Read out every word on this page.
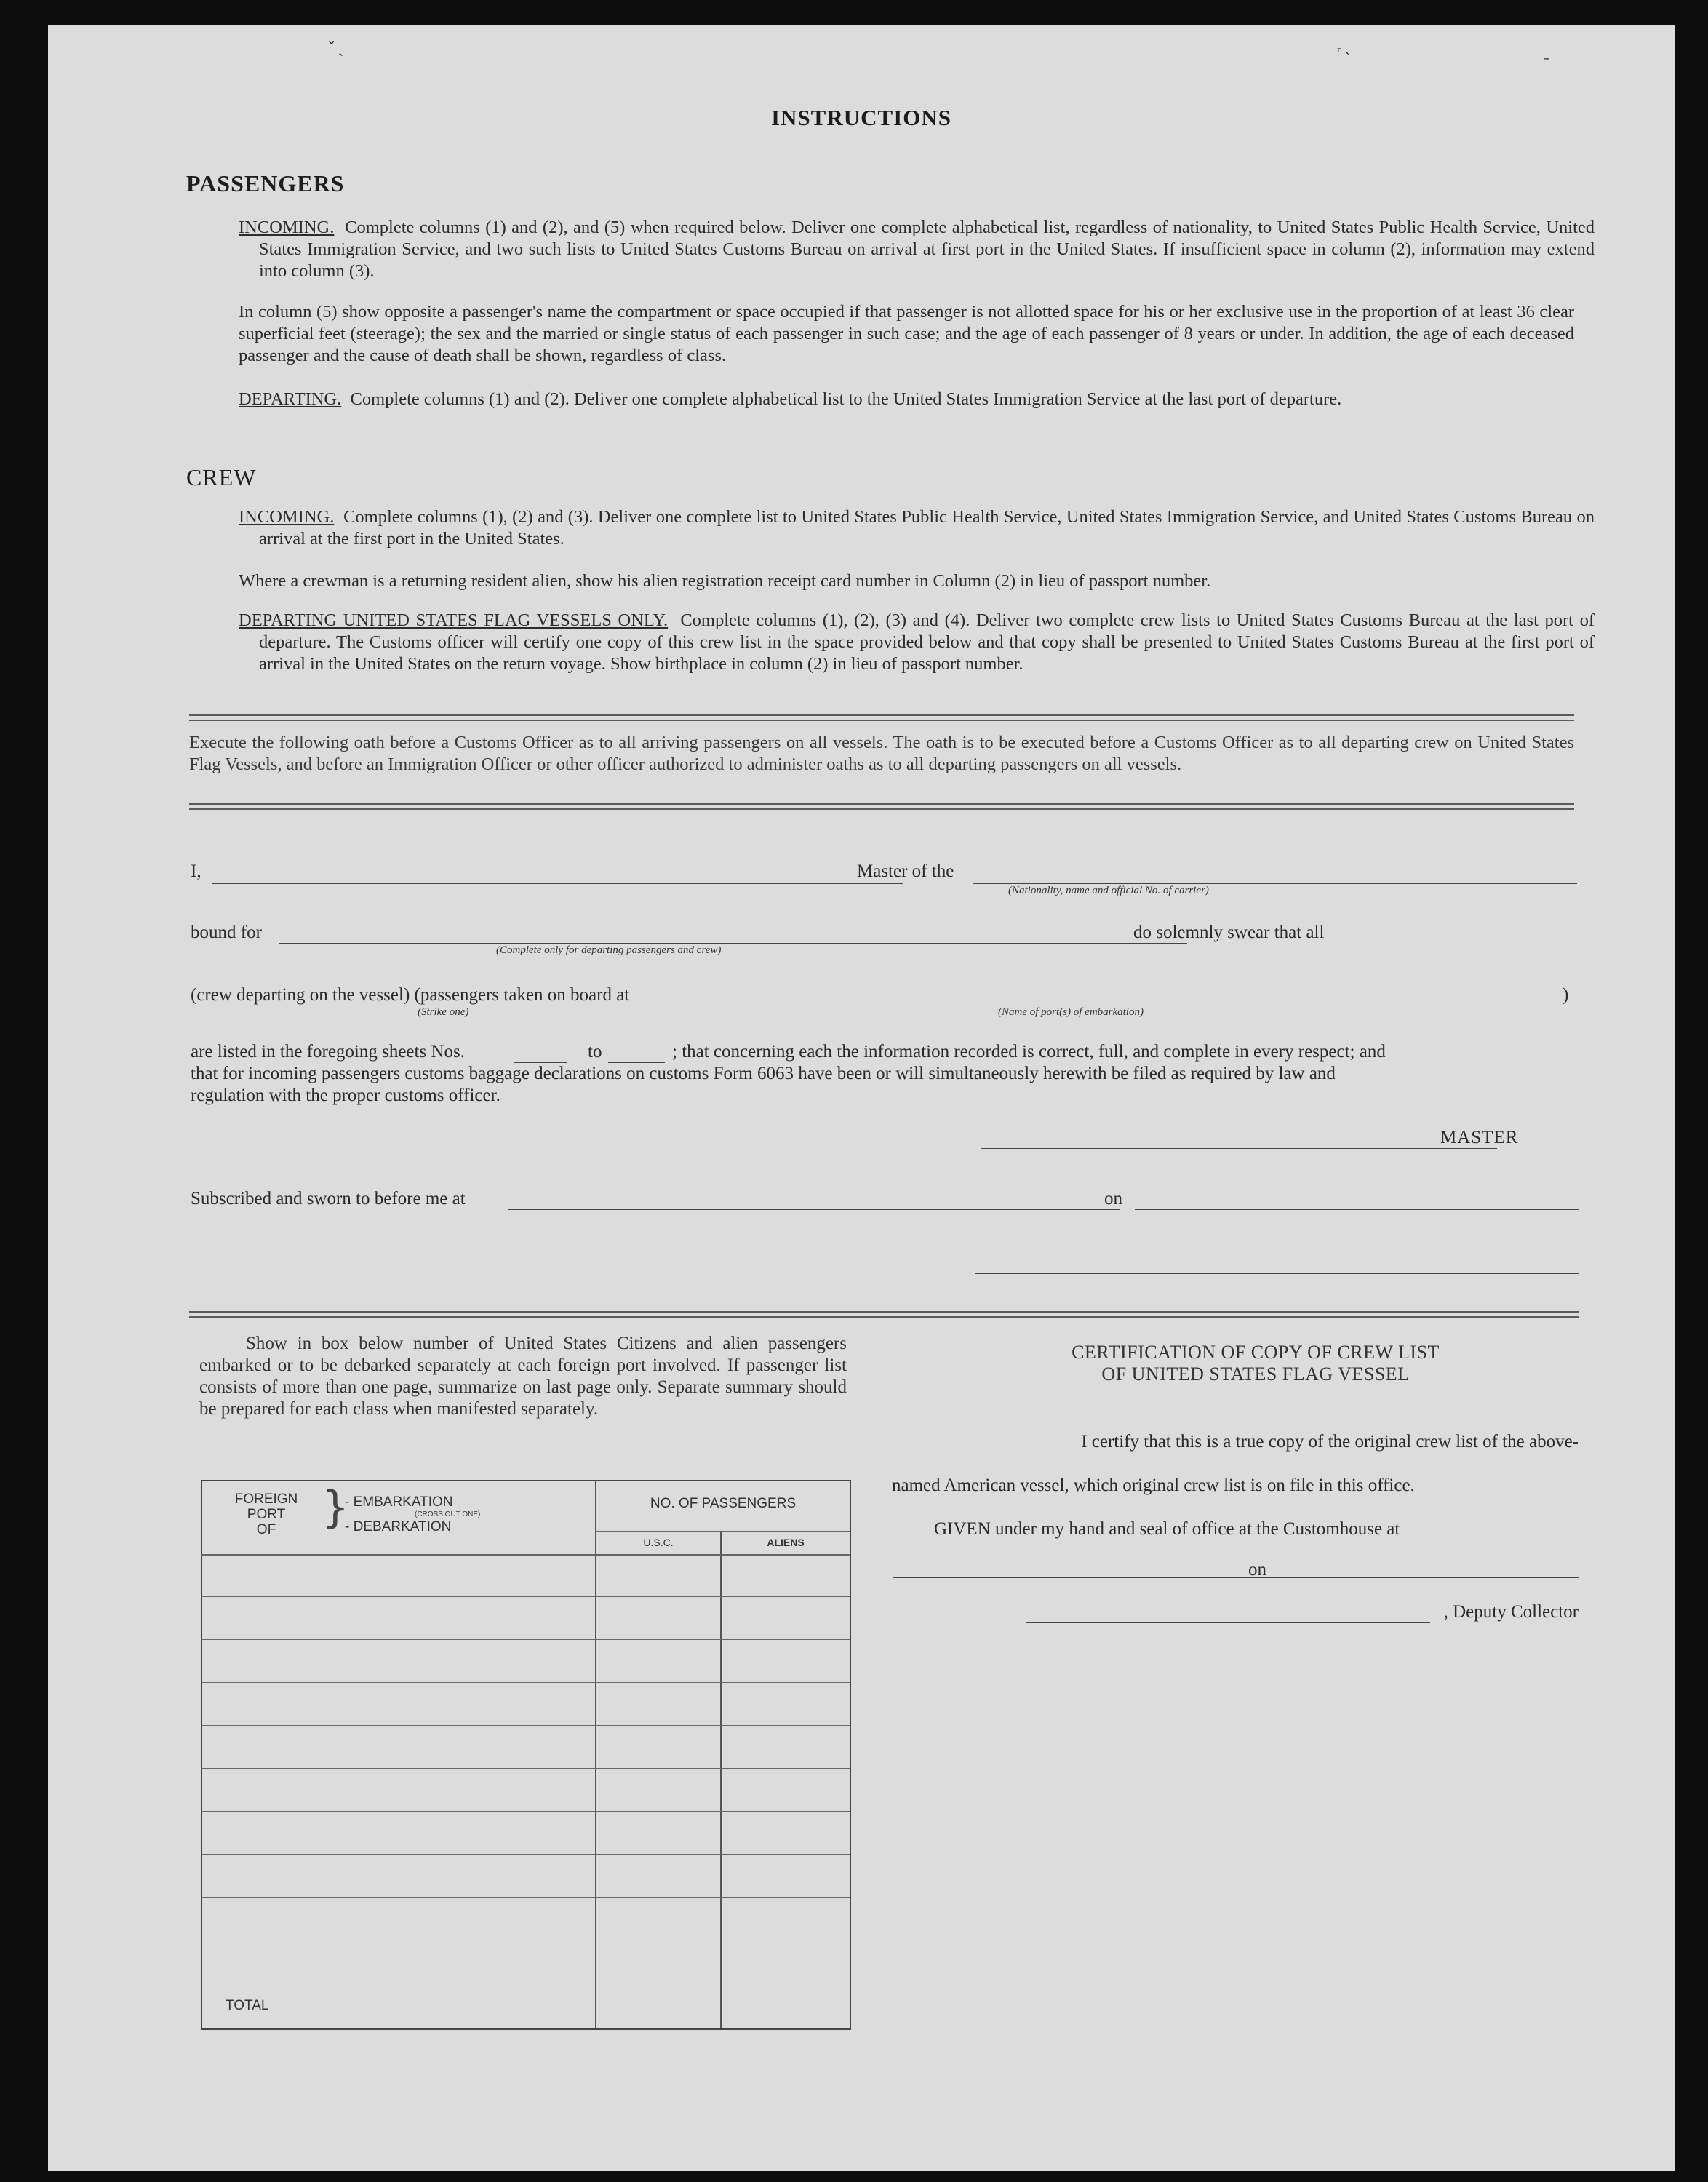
INSTRUCTIONS
PASSENGERS
INCOMING. Complete columns (1) and (2), and (5) when required below. Deliver one complete alphabetical list, regardless of nationality, to United States Public Health Service, United States Immigration Service, and two such lists to United States Customs Bureau on arrival at first port in the United States. If insufficient space in column (2), information may extend into column (3).
In column (5) show opposite a passenger's name the compartment or space occupied if that passenger is not allotted space for his or her exclusive use in the proportion of at least 36 clear superficial feet (steerage); the sex and the married or single status of each passenger in such case; and the age of each passenger of 8 years or under. In addition, the age of each deceased passenger and the cause of death shall be shown, regardless of class.
DEPARTING. Complete columns (1) and (2). Deliver one complete alphabetical list to the United States Immigration Service at the last port of departure.
CREW
INCOMING. Complete columns (1), (2) and (3). Deliver one complete list to United States Public Health Service, United States Immigration Service, and United States Customs Bureau on arrival at the first port in the United States.
Where a crewman is a returning resident alien, show his alien registration receipt card number in Column (2) in lieu of passport number.
DEPARTING UNITED STATES FLAG VESSELS ONLY. Complete columns (1), (2), (3) and (4). Deliver two complete crew lists to United States Customs Bureau at the last port of departure. The Customs officer will certify one copy of this crew list in the space provided below and that copy shall be presented to United States Customs Bureau at the first port of arrival in the United States on the return voyage. Show birthplace in column (2) in lieu of passport number.
Execute the following oath before a Customs Officer as to all arriving passengers on all vessels. The oath is to be executed before a Customs Officer as to all departing crew on United States Flag Vessels, and before an Immigration Officer or other officer authorized to administer oaths as to all departing passengers on all vessels.
I,	Master of the
(Nationality, name and official No. of carrier)
bound for
(Complete only for departing passengers and crew)
do solemnly swear that all
(crew departing on the vessel) (passengers taken on board at
(Strike one)	(Name of port(s) of embarkation)
)
are listed in the foregoing sheets Nos.	to	; that concerning each the information recorded is correct, full, and complete in every respect; and
that for incoming passengers customs baggage declarations on customs Form 6063 have been or will simultaneously herewith be filed as required by law and
regulation with the proper customs officer.
MASTER
Subscribed and sworn to before me at	on
Show in box below number of United States Citizens and alien passengers embarked or to be debarked separately at each foreign port involved. If passenger list consists of more than one page, summarize on last page only. Separate summary should be prepared for each class when manifested separately.
FOREIGN
PORT
OF	}
- EMBARKATION
(CROSS OUT ONE)
- DEBARKATION
NO. OF PASSENGERS
U.S.C.	ALIENS
TOTAL
CERTIFICATION OF COPY OF CREW LIST
OF UNITED STATES FLAG VESSEL
I certify that this is a true copy of the original crew list of the above-
named American vessel, which original crew list is on file in this office.
GIVEN under my hand and seal of office at the Customhouse at
on
, Deputy Collector
ˇ ˎ	ᵣ ˎ
ˉ
